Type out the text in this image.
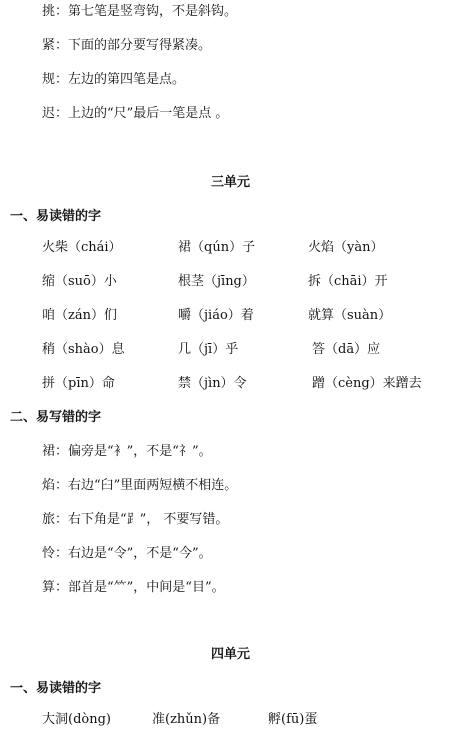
挑：第七笔是竖弯钩，不是斜钩。
紧：下面的部分要写得紧凑。
规：左边的第四笔是点。
迟：上边的“尺”最后一笔是点 。
三单元
一、易读错的字
火柴（chái）	裙（qún）子	火焰（yàn）
缩（suō）小	根茎（jīng）	拆（chāi）开
咱（zán）们	嚼（jiáo）着	就算（suàn）
稍（shào）息	几（jī）乎	答（dā）应
拼（pīn）命	禁（jìn）令	蹭（cèng）来蹭去
二、易写错的字
裙：偏旁是“衤”，不是“礻”。
焰：右边“臼”里面两短横不相连。
旅：右下角是“⻊”， 不要写错。
怜：右边是“令”，不是“今”。
算：部首是“⺮”，中间是“目”。
四单元
一、易读错的字
大洞(dòng)	准(zhǔn)备	孵(fū)蛋
